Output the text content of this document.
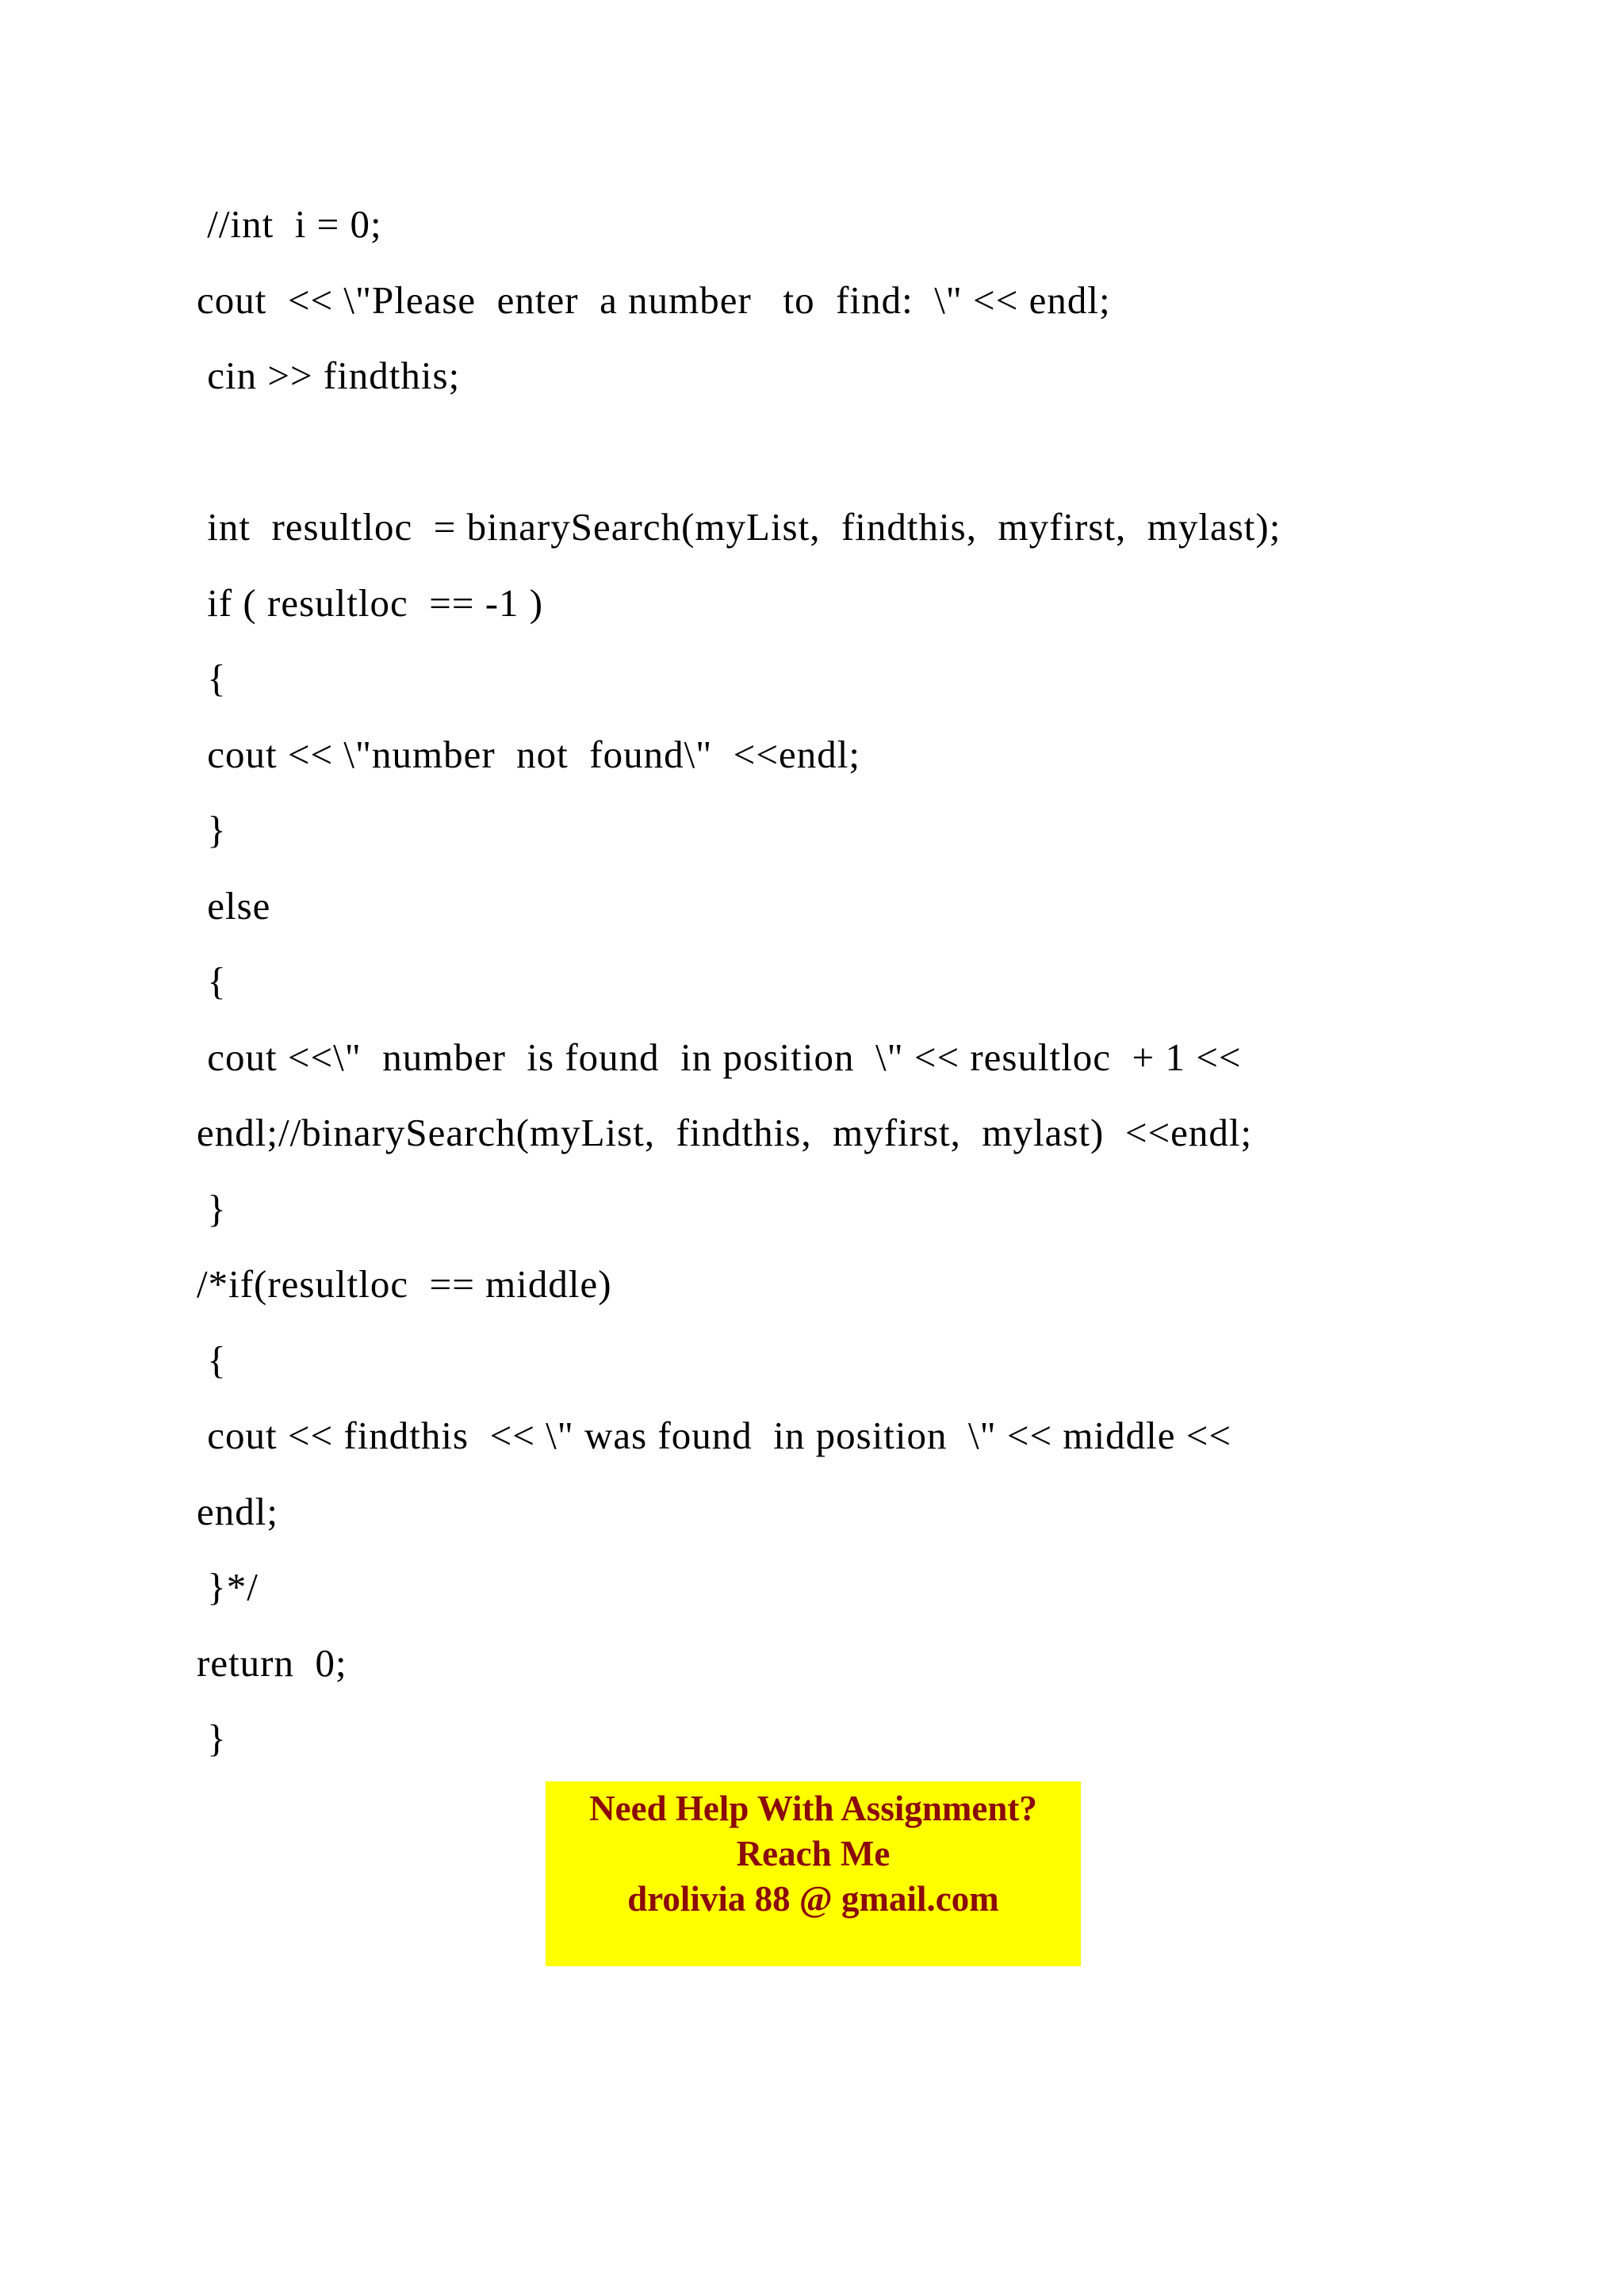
//int  i = 0;
cout  << \"Please  enter  a number   to  find:  \" << endl;
cin >> findthis;
int  resultloc  = binarySearch(myList,  findthis,  myfirst,  mylast);
if ( resultloc  == -1 )
{
cout << \"number  not  found\"  <<endl;
}
else
{
cout <<\"  number  is found  in position  \" << resultloc  + 1 <<
endl;//binarySearch(myList,  findthis,  myfirst,  mylast)  <<endl;
}
/*if(resultloc  == middle)
{
cout << findthis  << \" was found  in position  \" << middle <<
endl;
}*/
return  0;
}
Need Help With Assignment?
Reach Me
drolivia 88 @ gmail.com
